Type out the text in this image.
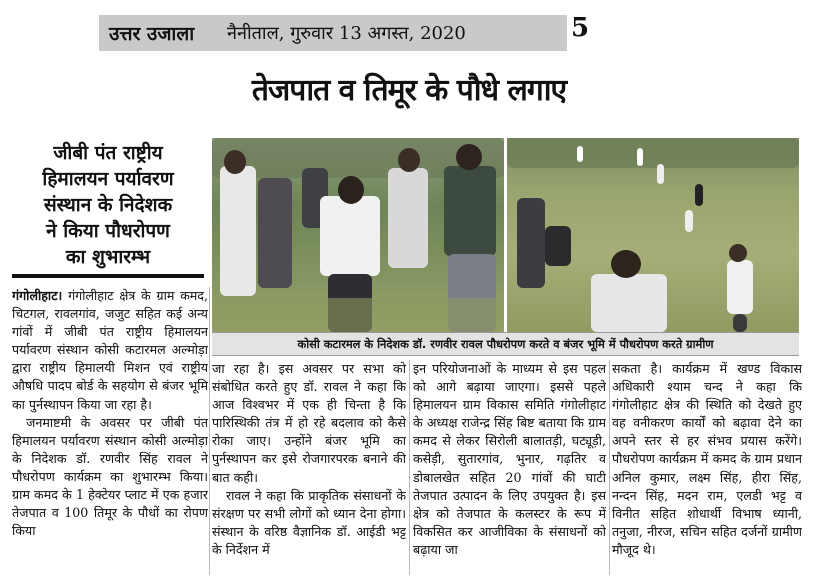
उत्तर उजाला	नैनीताल, गुरुवार 13 अगस्त, 2020	5
तेजपात व तिमूर के पौधे लगाए
जीबी पंत राष्ट्रीय
हिमालयन पर्यावरण
संस्थान के निदेशक
ने किया पौधरोपण
का शुभारम्भ
कोसी कटारमल के निदेशक डॉ. रणवीर रावल पौधरोपण करते व बंजर भूमि में पौधरोपण करते ग्रामीण

गंगोलीहाट। गंगोलीहाट क्षेत्र के ग्राम कमद, चिटगल, रावलगांव, जजुट सहित कई अन्य गांवों में जीबी पंत राष्ट्रीय हिमालयन पर्यावरण संस्थान कोसी कटारमल अल्मोड़ा द्वारा राष्ट्रीय हिमालयी मिशन एवं राष्ट्रीय औषधि पादप बोर्ड के सहयोग से बंजर भूमि का पुर्नस्थापन किया जा रहा है।

जनमाष्टमी के अवसर पर जीबी पंत हिमालयन पर्यावरण संस्थान कोसी अल्मोड़ा के निदेशक डॉ. रणवीर सिंह रावल ने पौधरोपण कार्यक्रम का शुभारम्भ किया। ग्राम कमद के 1 हेक्टेयर प्लाट में एक हजार तेजपात व 100 तिमूर के पौधों का रोपण किया

जा रहा है। इस अवसर पर सभा को संबोधित करते हुए डॉ. रावल ने कहा कि आज विश्वभर में एक ही चिन्ता है कि पारिस्थिकी तंत्र में हो रहे बदलाव को कैसे रोका जाए। उन्होंने बंजर भूमि का पुर्नस्थापन कर इसे रोजगारपरक बनाने की बात कही।

रावल ने कहा कि प्राकृतिक संसाधनों के संरक्षण पर सभी लोगों को ध्यान देना होगा। संस्थान के वरिष्ठ वैज्ञानिक डॉ. आईडी भट्ट के निर्देशन में

इन परियोजनाओं के माध्यम से इस पहल को आगे बढ़ाया जाएगा। इससे पहले हिमालयन ग्राम विकास समिति गंगोलीहाट के अध्यक्ष राजेन्द्र सिंह बिष्ट बताया कि ग्राम कमद से लेकर सिरोली बालातड़ी, घट्यूड़ी, कसेड़ी, सुतारगांव, भुनार, गढ़तिर व डोबालखेत सहित 20 गांवों की घाटी तेजपात उत्पादन के लिए उपयुक्त है। इस क्षेत्र को तेजपात के कलस्टर के रूप में विकसित कर आजीविका के संसाधनों को बढ़ाया जा

सकता है। कार्यक्रम में खण्ड विकास अधिकारी श्याम चन्द ने कहा कि गंगोलीहाट क्षेत्र की स्थिति को देखते हुए वह वनीकरण कार्यों को बढ़ावा देने का अपने स्तर से हर संभव प्रयास करेंगे। पौधरोपण कार्यक्रम में कमद के ग्राम प्रधान अनिल कुमार, लक्ष्म सिंह, हीरा सिंह, नन्दन सिंह, मदन राम, एलडी भट्ट व विनीत सहित शोधार्थी विभाष ध्यानी, तनुजा, नीरज, सचिन सहित दर्जनों ग्रामीण मौजूद थे।
